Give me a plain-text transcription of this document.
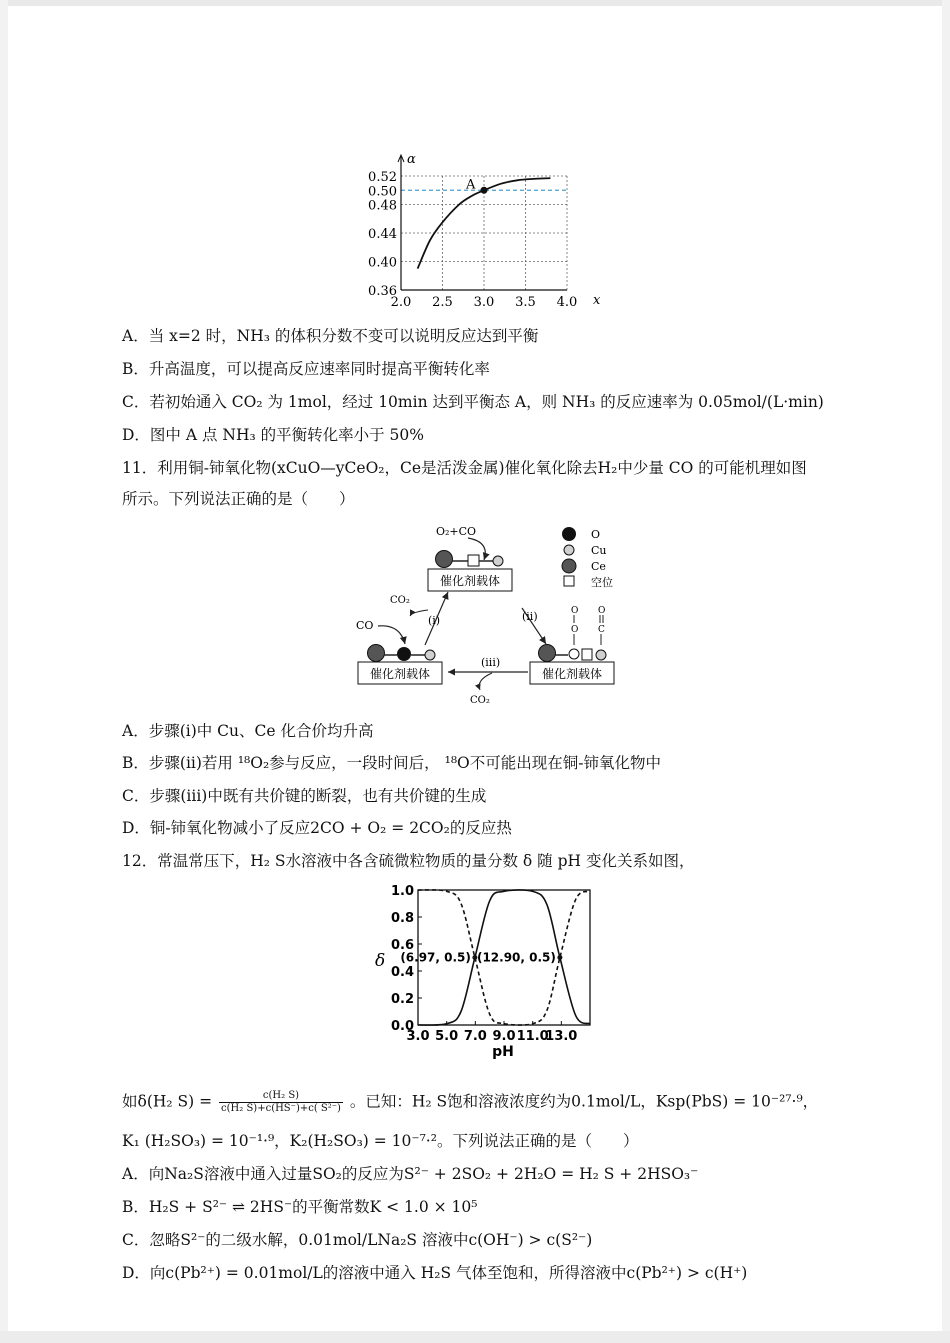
2.0 2.5 3.0 3.5 4.0
0.36
0.40
0.44
0.48
0.50
0.52
α
x
A
A．当 x=2 时，NH₃ 的体积分数不变可以说明反应达到平衡
B．升高温度，可以提高反应速率同时提高平衡转化率
C．若初始通入 CO₂ 为 1mol，经过 10min 达到平衡态 A，则 NH₃ 的反应速率为 0.05mol/(L·min)
D．图中 A 点 NH₃ 的平衡转化率小于 50%
11．利用铜-铈氧化物(xCuO—yCeO₂，Ce是活泼金属)催化氧化除去H₂中少量 CO 的可能机理如图
所示。下列说法正确的是（　　）
O₂+CO
催化剂载体
O
Cu
Ce
空位
(i)
CO₂
(ii)
CO
催化剂载体
(iii)
CO₂
O
O
O
C
催化剂载体
A．步骤(i)中 Cu、Ce 化合价均升高
B．步骤(ii)若用 ¹⁸O₂参与反应，一段时间后， ¹⁸O不可能出现在铜-铈氧化物中
C．步骤(iii)中既有共价键的断裂，也有共价键的生成
D．铜-铈氧化物减小了反应2CO + O₂ = 2CO₂的反应热
12．常温常压下，H₂ S水溶液中各含硫微粒物质的量分数 δ 随 pH 变化关系如图，
3.0 5.0 7.0 9.0 11.0
13.0
0.0
0.2
0.4
0.6
0.8
1.0
pH
δ (6.97, 0.5) (12.90, 0.5)
如δ(H₂ $S) = \frac{\text{c(H₂ S)}}{\text{c(H₂ S)+c(HS⁻)+c( S²⁻)}}$ 。已知：H₂ S饱和溶液浓度约为0.1mol/L，Ksp(PbS) = 10⁻²⁷·⁹，
K₁ (H₂SO₃) = 10⁻¹·⁹，K₂(H₂SO₃) = 10⁻⁷·²。下列说法正确的是（　　）
A．向Na₂S溶液中通入过量SO₂的反应为S²⁻ + 2SO₂ + 2H₂O = H₂ S + 2HSO₃⁻
B．H₂S + S²⁻ ⇌ 2HS⁻的平衡常数K < 1.0 × 10⁵
C．忽略S²⁻的二级水解，0.01mol/LNa₂S 溶液中c(OH⁻) > c(S²⁻)
D．向c(Pb²⁺) = 0.01mol/L的溶液中通入 H₂S 气体至饱和，所得溶液中c(Pb²⁺) > c(H⁺)
